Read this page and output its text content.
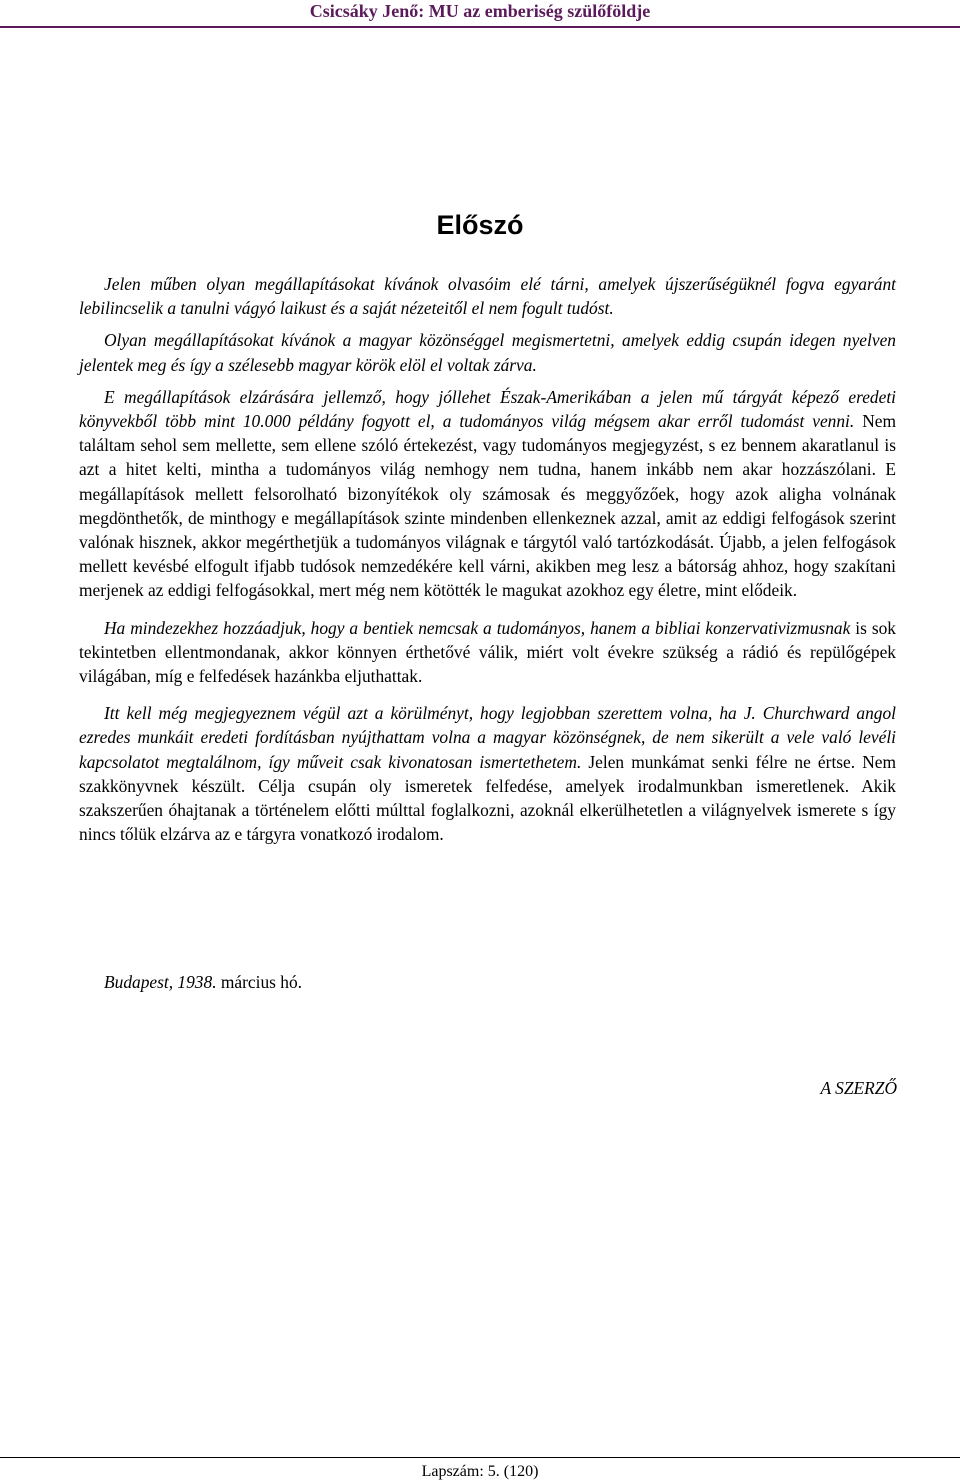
Csicsáky Jenő: MU az emberiség szülőföldje
Előszó

Jelen műben olyan megállapításokat kívánok olvasóim elé tárni, amelyek újszerűségüknél fogva egyaránt lebilincselik a tanulni vágyó laikust és a saját nézeteitől el nem fogult tudóst.

Olyan megállapításokat kívánok a magyar közönséggel megismertetni, amelyek eddig csupán idegen nyelven jelentek meg és így a szélesebb magyar körök elöl el voltak zárva.

E megállapítások elzárására jellemző, hogy jóllehet Észak-Amerikában a jelen mű tárgyát képező eredeti könyvekből több mint 10.000 példány fogyott el, a tudományos világ mégsem akar erről tudomást venni. Nem találtam sehol sem mellette, sem ellene szóló értekezést, vagy tudományos megjegyzést, s ez bennem akaratlanul is azt a hitet kelti, mintha a tudományos világ nemhogy nem tudna, hanem inkább nem akar hozzászólani. E megállapítások mellett felsorolható bizonyítékok oly számosak és meggyőzőek, hogy azok aligha volnának megdönthetők, de minthogy e megállapítások szinte mindenben ellenkeznek azzal, amit az eddigi felfogások szerint valónak hisznek, akkor megérthetjük a tudományos világnak e tárgytól való tartózkodását. Újabb, a jelen felfogások mellett kevésbé elfogult ifjabb tudósok nemzedékére kell várni, akikben meg lesz a bátorság ahhoz, hogy szakítani merjenek az eddigi felfogásokkal, mert még nem kötötték le magukat azokhoz egy életre, mint elődeik.

Ha mindezekhez hozzáadjuk, hogy a bentiek nemcsak a tudományos, hanem a bibliai konzervativizmusnak is sok tekintetben ellentmondanak, akkor könnyen érthetővé válik, miért volt évekre szükség a rádió és repülőgépek világában, míg e felfedések hazánkba eljuthattak.

Itt kell még megjegyeznem végül azt a körülményt, hogy legjobban szerettem volna, ha J. Churchward angol ezredes munkáit eredeti fordításban nyújthattam volna a magyar közönségnek, de nem sikerült a vele való levéli kapcsolatot megtalálnom, így műveit csak kivonatosan ismertethetem. Jelen munkámat senki félre ne értse. Nem szakkönyvnek készült. Célja csupán oly ismeretek felfedése, amelyek irodalmunkban ismeretlenek. Akik szakszerűen óhajtanak a történelem előtti múlttal foglalkozni, azoknál elkerülhetetlen a világnyelvek ismerete s így nincs tőlük elzárva az e tárgyra vonatkozó irodalom.

Budapest, 1938. március hó.
A SZERZŐ
Lapszám: 5. (120)
